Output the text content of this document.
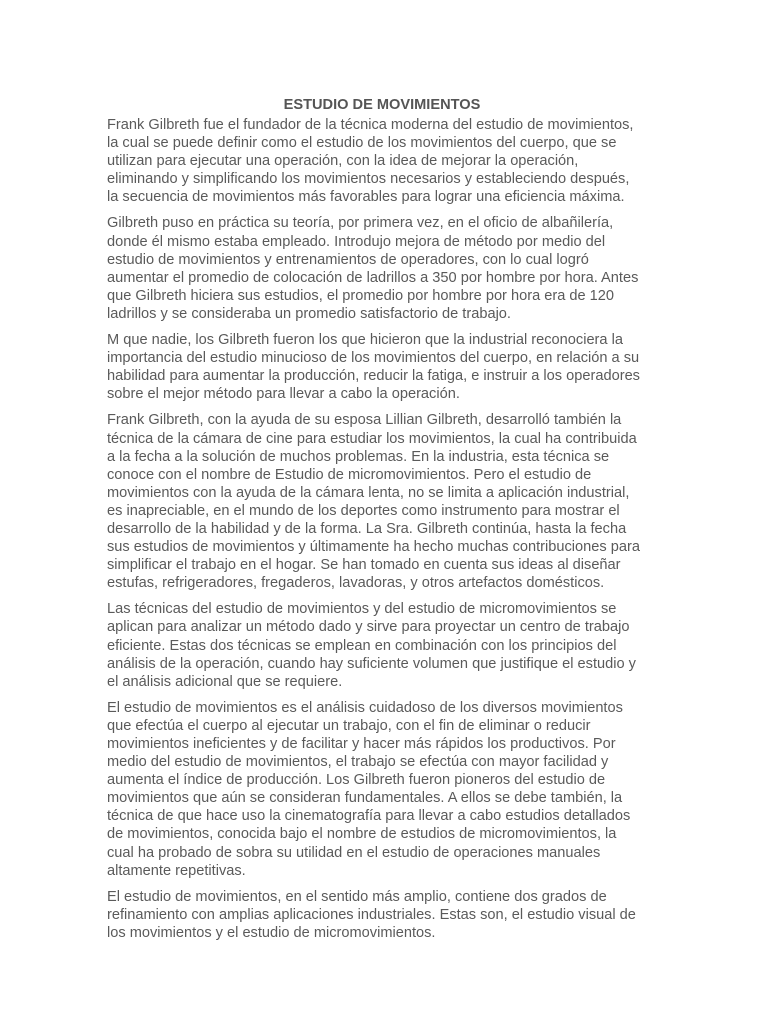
ESTUDIO DE MOVIMIENTOS
Frank Gilbreth fue el fundador de la técnica moderna del estudio de movimientos,
la cual se puede definir como el estudio de los movimientos del cuerpo, que se
utilizan para ejecutar una operación, con la idea de mejorar la operación,
eliminando y simplificando los movimientos necesarios y estableciendo después,
la secuencia de movimientos más favorables para lograr una eficiencia máxima.
Gilbreth puso en práctica su teoría, por primera vez, en el oficio de albañilería,
donde él mismo estaba empleado. Introdujo mejora de método por medio del
estudio de movimientos y entrenamientos de operadores, con lo cual logró
aumentar el promedio de colocación de ladrillos a 350 por hombre por hora. Antes
que Gilbreth hiciera sus estudios, el promedio por hombre por hora era de 120
ladrillos y se consideraba un promedio satisfactorio de trabajo.
M que nadie, los Gilbreth fueron los que hicieron que la industrial reconociera la
importancia del estudio minucioso de los movimientos del cuerpo, en relación a su
habilidad para aumentar la producción, reducir la fatiga, e instruir a los operadores
sobre el mejor método para llevar a cabo la operación.
Frank Gilbreth, con la ayuda de su esposa Lillian Gilbreth, desarrolló también la
técnica de la cámara de cine para estudiar los movimientos, la cual ha contribuida
a la fecha a la solución de muchos problemas. En la industria, esta técnica se
conoce con el nombre de Estudio de micromovimientos. Pero el estudio de
movimientos con la ayuda de la cámara lenta, no se limita a aplicación industrial,
es inapreciable, en el mundo de los deportes como instrumento para mostrar el
desarrollo de la habilidad y de la forma. La Sra. Gilbreth continúa, hasta la fecha
sus estudios de movimientos y últimamente ha hecho muchas contribuciones para
simplificar el trabajo en el hogar. Se han tomado en cuenta sus ideas al diseñar
estufas, refrigeradores, fregaderos, lavadoras, y otros artefactos domésticos.
Las técnicas del estudio de movimientos y del estudio de micromovimientos se
aplican para analizar un método dado y sirve para proyectar un centro de trabajo
eficiente. Estas dos técnicas se emplean en combinación con los principios del
análisis de la operación, cuando hay suficiente volumen que justifique el estudio y
el análisis adicional que se requiere.
El estudio de movimientos es el análisis cuidadoso de los diversos movimientos
que efectúa el cuerpo al ejecutar un trabajo, con el fin de eliminar o reducir
movimientos ineficientes y de facilitar y hacer más rápidos los productivos. Por
medio del estudio de movimientos, el trabajo se efectúa con mayor facilidad y
aumenta el índice de producción. Los Gilbreth fueron pioneros del estudio de
movimientos que aún se consideran fundamentales. A ellos se debe también, la
técnica de que hace uso la cinematografía para llevar a cabo estudios detallados
de movimientos, conocida bajo el nombre de estudios de micromovimientos, la
cual ha probado de sobra su utilidad en el estudio de operaciones manuales
altamente repetitivas.
El estudio de movimientos, en el sentido más amplio, contiene dos grados de
refinamiento con amplias aplicaciones industriales. Estas son, el estudio visual de
los movimientos y el estudio de micromovimientos.
